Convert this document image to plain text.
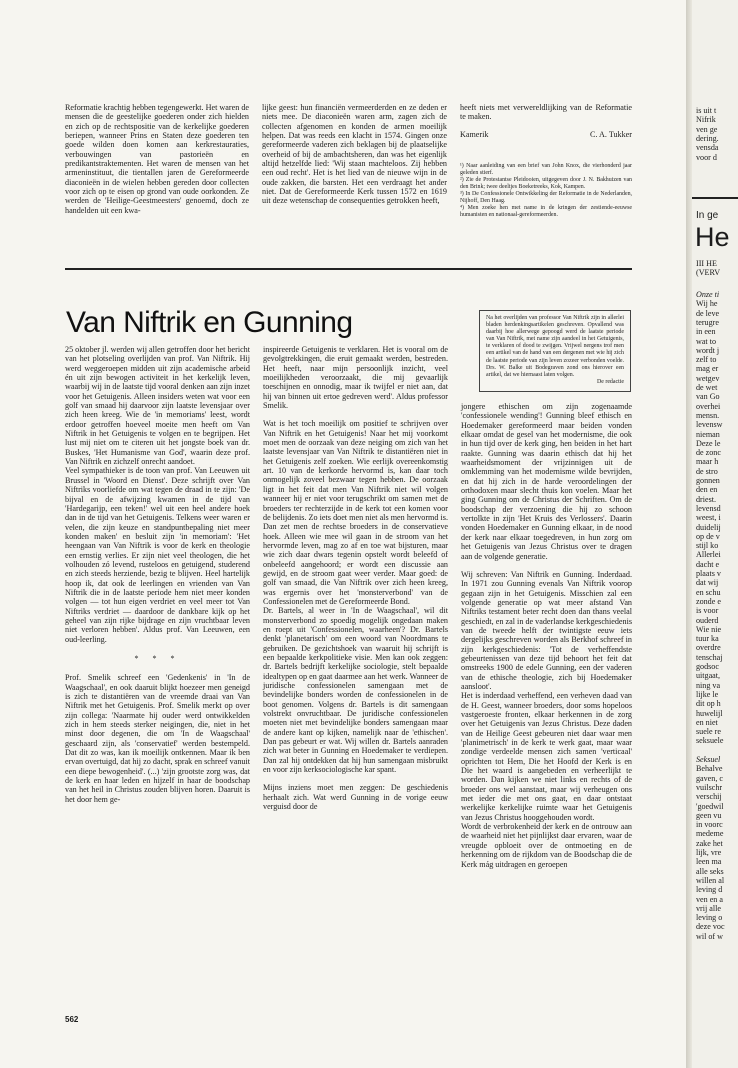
Reformatie krachtig hebben tegengewerkt. Het waren de mensen die de geestelijke goederen onder zich hielden en zich op de rechtspositie van de kerkelijke goederen beriepen, wanneer Prins en Staten deze goederen ten goede wilden doen komen aan kerkrestauraties, verbouwingen van pastorieën en predikantstraktementen. Het waren de mensen van het armeninstituut, die tientallen jaren de Gereformeerde diaconieën in de wielen hebben gereden door collecten voor zich op te eisen op grond van oude oorkonden. Ze werden de 'Heilige-Geestmeesters' genoemd, doch ze handelden uit een kwa-

lijke geest: hun financiën vermeerderden en ze deden er niets mee. De diaconieën waren arm, zagen zich de collecten afgenomen en konden de armen moeilijk helpen. Dat was reeds een klacht in 1574. Gingen onze gereformeerde vaderen zich beklagen bij de plaatselijke overheid of bij de ambachtsheren, dan was het eigenlijk altijd hetzelfde lied: 'Wij staan machteloos. Zij hebben een oud recht'. Het is het lied van de nieuwe wijn in de oude zakken, die barsten. Het een verdraagt het ander niet. Dat de Gereformeerde Kerk tussen 1572 en 1619 uit deze wetenschap de consequenties getrokken heeft,

heeft niets met verwereldlijking van de Reformatie te maken.

Kamerik	C. A. Tukker

¹) Naar aanleiding van een brief van John Knox, die vierhonderd jaar geleden stierf.

²) Zie de Protestantse Pleidooien, uitgegeven door J. N. Bakhuizen van den Brink; twee deeltjes Boeketreeks, Kok, Kampen.

³) In De Confessionele Ontwikkeling der Reformatie in de Nederlanden, Nijhoff, Den Haag.

⁴) Men zoeke hen met name in de kringen der zestiende-eeuwse humanisten en nationaal-gereformeerden.

Van Niftrik en Gunning	Na het overlijden van professor Van Niftrik zijn in allerlei bladen herdenkingsartikelen geschreven. Opvallend was daarbij hoe allerwege gepoogd werd de laatste periode van Van Niftrik, met name zijn aandeel in het Getuigenis, te verklaren of dood te zwijgen. Vrijwel nergens trof men een artikel van de hand van een dergenen met wie hij zich de laatste periode van zijn leven zozeer verbonden voelde. Drs. W. Balke uit Bodegraven zond ons hierover een artikel, dat we hiernaast laten volgen.
De redactie

25 oktober jl. werden wij allen getroffen door het bericht van het plotseling overlijden van prof. Van Niftrik. Hij werd weggeroepen midden uit zijn academische arbeid én uit zijn bewogen activiteit in het kerkelijk leven, waarbij wij in de laatste tijd vooral denken aan zijn inzet voor het Getuigenis. Alleen insiders weten wat voor een golf van smaad hij daarvoor zijn laatste levensjaar over zich heen kreeg. Wie de 'in memoriams' leest, wordt erdoor getroffen hoeveel moeite men heeft om Van Niftrik in het Getuigenis te volgen en te begrijpen. Het lust mij niet om te citeren uit het jongste boek van dr. Buskes, 'Het Humanisme van God', waarin deze prof. Van Niftrik en zichzelf onrecht aandoet.

Veel sympathieker is de toon van prof. Van Leeuwen uit Brussel in 'Woord en Dienst'. Deze schrijft over Van Niftriks voorliefde om wat tegen de draad in te zijn: 'De bijval en de afwijzing kwamen in de tijd van 'Hardegarijp, een teken!' wel uit een heel andere hoek dan in de tijd van het Getuigenis. Telkens weer waren er velen, die zijn keuze en standpuntbepaling niet meer konden maken' en besluit zijn 'in memoriam': 'Het heengaan van Van Niftrik is voor de kerk en theologie een ernstig verlies. Er zijn niet veel theologen, die het volhouden zó levend, rusteloos en getuigend, studerend en zich steeds herziende, bezig te blijven. Heel hartelijk hoop ik, dat ook de leerlingen en vrienden van Van Niftrik die in de laatste periode hem niet meer konden volgen — tot hun eigen verdriet en veel meer tot Van Niftriks verdriet — daardoor de dankbare kijk op het geheel van zijn rijke bijdrage en zijn vruchtbaar leven niet verloren hebben'. Aldus prof. Van Leeuwen, een oud-leerling.

* * *

Prof. Smelik schreef een 'Gedenkenis' in 'In de Waagschaal', en ook daaruit blijkt hoezeer men geneigd is zich te distantiëren van de vreemde draai van Van Niftrik met het Getuigenis. Prof. Smelik merkt op over zijn collega: 'Naarmate hij ouder werd ontwikkelden zich in hem steeds sterker neigingen, die, niet in het minst door degenen, die om 'In de Waagschaal' geschaard zijn, als 'conservatief' werden bestempeld. Dat dit zo was, kan ik moeilijk ontkennen. Maar ik ben ervan overtuigd, dat hij zo dacht, sprak en schreef vanuit een diepe bewogenheid'. (...) 'zijn grootste zorg was, dat de kerk en haar leden en hijzelf in haar de boodschap van het heil in Christus zouden blijven horen. Daaruit is het door hem ge-

inspireerde Getuigenis te verklaren. Het is vooral om de gevolgtrekkingen, die eruit gemaakt werden, bestreden. Het heeft, naar mijn persoonlijk inzicht, veel moeilijkheden veroorzaakt, die mij gevaarlijk toeschijnen en onnodig, maar ik twijfel er niet aan, dat hij van binnen uit ertoe gedreven werd'. Aldus professor Smelik.

Wat is het toch moeilijk om positief te schrijven over Van Niftrik en het Getuigenis! Naar het mij voorkomt moet men de oorzaak van deze neiging om zich van het laatste levensjaar van Van Niftrik te distantiëren niet in het Getuigenis zelf zoeken. Wie eerlijk overeenkomstig art. 10 van de kerkorde hervormd is, kan daar toch onmogelijk zoveel bezwaar tegen hebben. De oorzaak ligt in het feit dat men Van Niftrik niet wil volgen wanneer hij er niet voor terugschrikt om samen met de broeders ter rechterzijde in de kerk tot een komen voor de belijdenis. Zo iets doet men niet als men hervormd is. Dan zet men de rechtse broeders in de conservatieve hoek. Alleen wie mee wil gaan in de stroom van het hervormde leven, mag zo af en toe wat bijsturen, maar wie zich daar dwars tegenin opstelt wordt beleefd of onbeleefd aangehoord; er wordt een discussie aan gewijd, en de stroom gaat weer verder. Maar goed: de golf van smaad, die Van Niftrik over zich heen kreeg, was ergernis over het 'monsterverbond' van de Confessionelen met de Gereformeerde Bond.

Dr. Bartels, al weer in 'In de Waagschaal', wil dit monsterverbond zo spoedig mogelijk ongedaan maken en roept uit 'Confessionelen, waarheen'? Dr. Bartels denkt 'planetarisch' om een woord van Noordmans te gebruiken. De gezichtshoek van waaruit hij schrijft is een bepaalde kerkpolitieke visie. Men kan ook zeggen: dr. Bartels bedrijft kerkelijke sociologie, stelt bepaalde idealtypen op en gaat daarmee aan het werk. Wanneer de juridische confessionelen samengaan met de bevindelijke bonders worden de confessionelen in de boot genomen. Volgens dr. Bartels is dit samengaan volstrekt onvruchtbaar. De juridische confessionelen moeten niet met bevindelijke bonders samengaan maar de andere kant op kijken, namelijk naar de 'ethischen'. Dan pas gebeurt er wat. Wij willen dr. Bartels aanraden zich wat beter in Gunning en Hoedemaker te verdiepen. Dan zal hij ontdekken dat hij hun samengaan misbruikt en voor zijn kerksociologische kar spant.

Mijns inziens moet men zeggen: De geschiedenis herhaalt zich. Wat werd Gunning in de vorige eeuw verguisd door de

jongere ethischen om zijn zogenaamde 'confessionele wending'! Gunning bleef ethisch en Hoedemaker gereformeerd maar beiden vonden elkaar omdat de gesel van het modernisme, die ook in hun tijd over de kerk ging, hen beiden in het hart raakte. Gunning was daarin ethisch dat hij het waarheidsmoment der vrijzinnigen uit de omklemming van het modernisme wilde bevrijden, en dat hij zich in de harde veroordelingen der orthodoxen maar slecht thuis kon voelen. Maar het ging Gunning om de Christus der Schriften. Om de boodschap der verzoening die hij zo schoon vertolkte in zijn 'Het Kruis des Verlossers'. Daarin vonden Hoedemaker en Gunning elkaar, in de nood der kerk naar elkaar toegedreven, in hun zorg om het Getuigenis van Jezus Christus over te dragen aan de volgende generatie.

Wij schreven: Van Niftrik en Gunning. Inderdaad. In 1971 zou Gunning evenals Van Niftrik voorop gegaan zijn in het Getuigenis. Misschien zal een volgende generatie op wat meer afstand Van Niftriks testament beter recht doen dan thans veelal geschiedt, en zal in de vaderlandse kerkgeschiedenis van de tweede helft der twintigste eeuw iets dergelijks geschreven worden als Berkhof schreef in zijn kerkgeschiedenis: 'Tot de verheffendste gebeurtenissen van deze tijd behoort het feit dat omstreeks 1900 de edele Gunning, een der vaderen van de ethische theologie, zich bij Hoedemaker aansloot'.

Het is inderdaad verheffend, een verheven daad van de H. Geest, wanneer broeders, door soms hopeloos vastgeroeste fronten, elkaar herkennen in de zorg over het Getuigenis van Jezus Christus. Deze daden van de Heilige Geest gebeuren niet daar waar men 'planimetrisch' in de kerk te werk gaat, maar waar zondige verdeelde mensen zich samen 'verticaal' oprichten tot Hem, Die het Hoofd der Kerk is en Die het waard is aangebeden en verheerlijkt te worden. Dan kijken we niet links en rechts of de broeder ons wel aanstaat, maar wij verheugen ons met ieder die met ons gaat, en daar ontstaat werkelijke kerkelijke ruimte waar het Getuigenis van Jezus Christus hooggehouden wordt.

Wordt de verbrokenheid der kerk en de ontrouw aan de waarheid niet het pijnlijkst daar ervaren, waar de vreugde opbloeit over de ontmoeting en de herkenning om de rijkdom van de Boodschap die de Kerk mág uitdragen en geroepen

562
is uit t
Nifrik
ven ge
dering.
vensda
voor d
In ge
He
III HE
(VERV
Onze ti
Wij he
de leve
terugre
in een
wat to
wordt j
zelf to
mag er
wetgev
de wet
van Go
overhei
mensn.
levensw
nieman
Deze le
de zonc
maar h
de stro
gonnen
den en
driest.
levensd
weest, i
duidelij
op de v
stijl ko
Allerlei
dacht e
plaats v
dat wij
en schu
zonde e
is voor
ouderd
Wie nie
tuur ka
overdre
tenschaj
godsoc
uitgaat,
ning va
lijke le
dit op h
huwelijl
en niet
suele re
seksuele
Seksuel
Behalve
gaven, c
vuilschr
verschij
'goedwil
geen vu
in voorc
medeme
zake het
lijk, vre
leen ma
alle seks
willen al
leving d
ven en a
vrij alle
leving o
deze voc
wil of w
